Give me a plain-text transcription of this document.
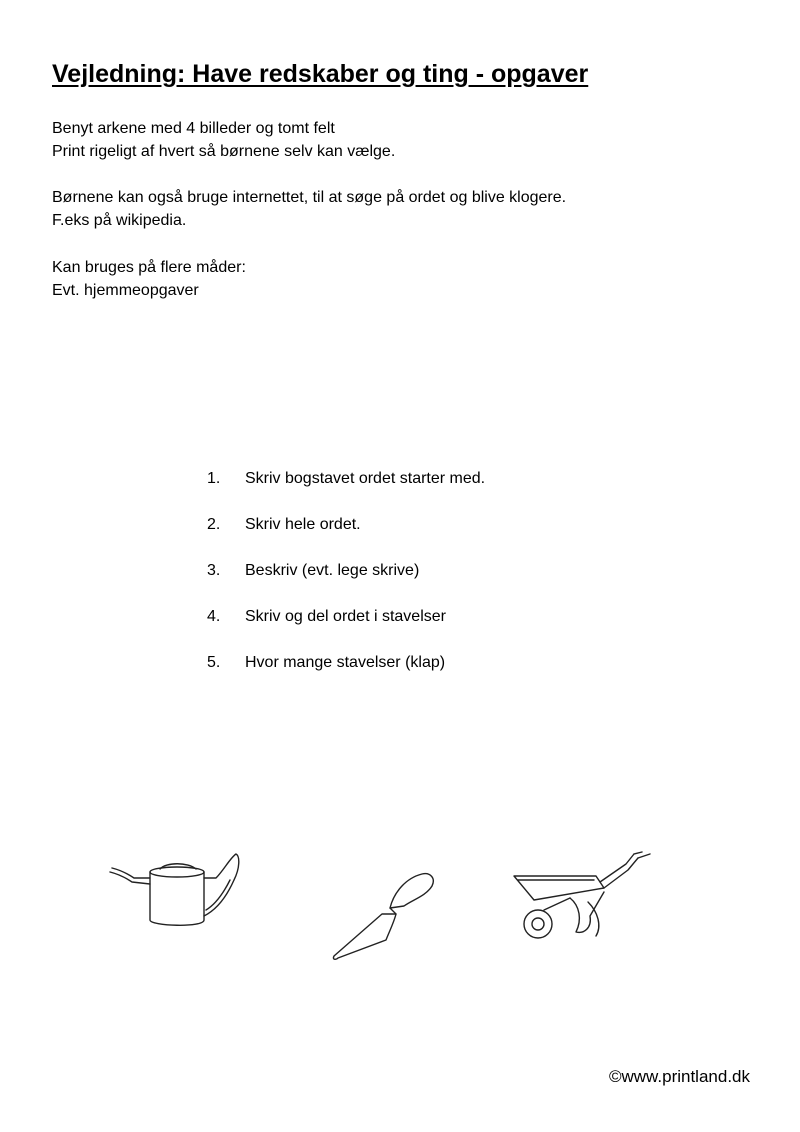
Vejledning: Have redskaber og ting - opgaver
Benyt arkene med 4 billeder og tomt felt
Print rigeligt af hvert så børnene selv kan vælge.
Børnene kan også bruge internettet, til at søge på ordet og blive klogere.
F.eks på wikipedia.
Kan bruges på flere måder:
Evt. hjemmeopgaver
1. Skriv bogstavet ordet starter med.
2. Skriv hele ordet.
3. Beskriv (evt. lege skrive)
4. Skriv og del ordet i stavelser
5. Hvor mange stavelser (klap)
©www.printland.dk
